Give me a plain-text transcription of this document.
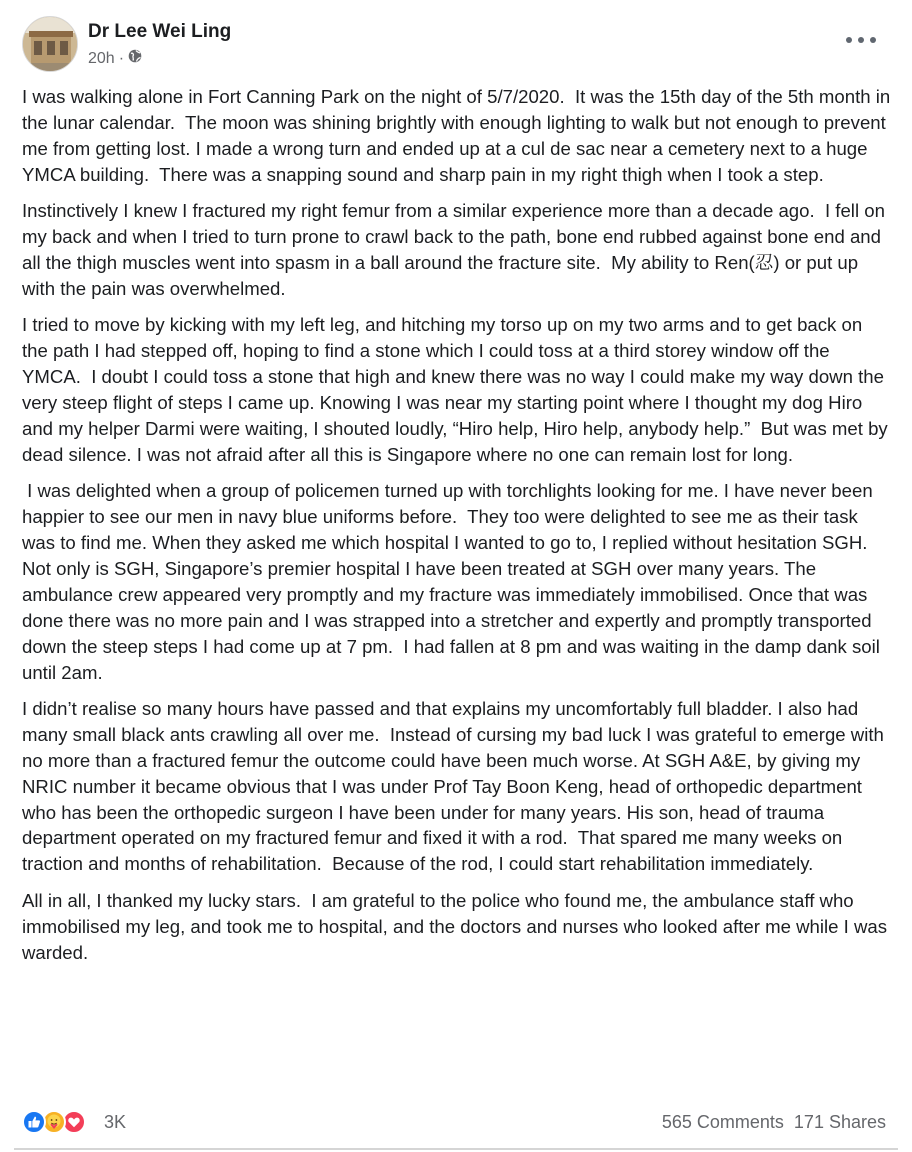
Dr Lee Wei Ling
20h ·

I was walking alone in Fort Canning Park on the night of 5/7/2020.  It was the 15th day of the 5th month in the lunar calendar.  The moon was shining brightly with enough lighting to walk but not enough to prevent me from getting lost. I made a wrong turn and ended up at a cul de sac near a cemetery next to a huge YMCA building.  There was a snapping sound and sharp pain in my right thigh when I took a step.

Instinctively I knew I fractured my right femur from a similar experience more than a decade ago.  I fell on my back and when I tried to turn prone to crawl back to the path, bone end rubbed against bone end and all the thigh muscles went into spasm in a ball around the fracture site.  My ability to Ren(忍) or put up with the pain was overwhelmed.

I tried to move by kicking with my left leg, and hitching my torso up on my two arms and to get back on the path I had stepped off, hoping to find a stone which I could toss at a third storey window off the YMCA.  I doubt I could toss a stone that high and knew there was no way I could make my way down the very steep flight of steps I came up. Knowing I was near my starting point where I thought my dog Hiro and my helper Darmi were waiting, I shouted loudly, “Hiro help, Hiro help, anybody help.”  But was met by dead silence. I was not afraid after all this is Singapore where no one can remain lost for long.

I was delighted when a group of policemen turned up with torchlights looking for me. I have never been happier to see our men in navy blue uniforms before.  They too were delighted to see me as their task was to find me. When they asked me which hospital I wanted to go to, I replied without hesitation SGH.  Not only is SGH, Singapore’s premier hospital I have been treated at SGH over many years. The ambulance crew appeared very promptly and my fracture was immediately immobilised. Once that was done there was no more pain and I was strapped into a stretcher and expertly and promptly transported down the steep steps I had come up at 7 pm.  I had fallen at 8 pm and was waiting in the damp dank soil until 2am.

I didn’t realise so many hours have passed and that explains my uncomfortably full bladder. I also had many small black ants crawling all over me.  Instead of cursing my bad luck I was grateful to emerge with no more than a fractured femur the outcome could have been much worse. At SGH A&E, by giving my NRIC number it became obvious that I was under Prof Tay Boon Keng, head of orthopedic department who has been the orthopedic surgeon I have been under for many years. His son, head of trauma department operated on my fractured femur and fixed it with a rod.  That spared me many weeks on traction and months of rehabilitation.  Because of the rod, I could start rehabilitation immediately.

All in all, I thanked my lucky stars.  I am grateful to the police who found me, the ambulance staff who immobilised my leg, and took me to hospital, and the doctors and nurses who looked after me while I was warded.

3K	565 Comments 171 Shares
